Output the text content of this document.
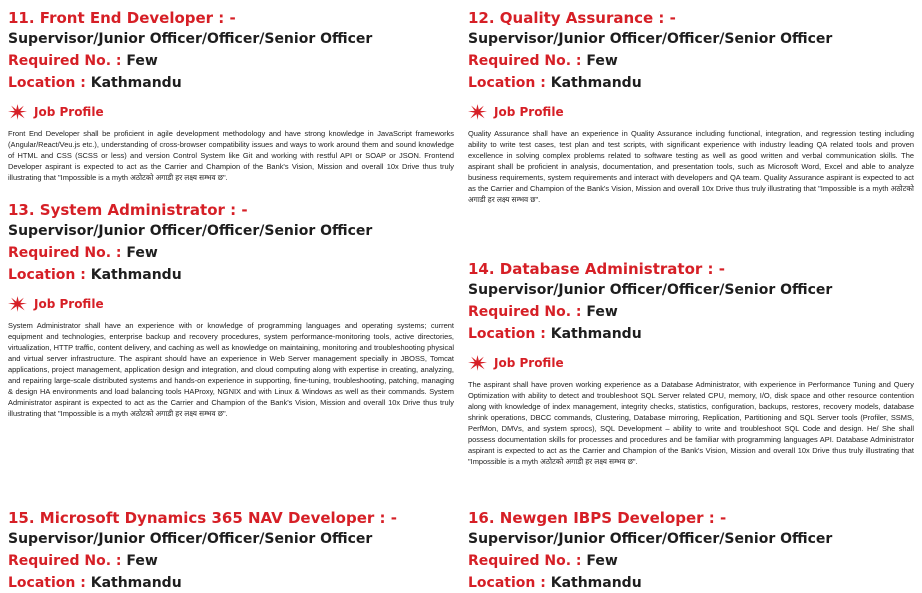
11. Front End Developer : -
Supervisor/Junior Officer/Officer/Senior Officer
Required No. : Few
Location : Kathmandu
Job Profile
Front End Developer shall be proficient in agile development methodology and have strong knowledge in JavaScript frameworks (Angular/React/Veu.js etc.), understanding of cross-browser compatibility issues and ways to work around them and sound knowledge of HTML and CSS (SCSS or less) and version Control System like Git and working with restful API or SOAP or JSON. Frontend Developer aspirant is expected to act as the Carrier and Champion of the Bank's Vision, Mission and overall 10x Drive thus truly illustrating that "Impossible is a myth अठोटको अगाडी हर लक्ष्य सम्भव छ".
12. Quality Assurance : -
Supervisor/Junior Officer/Officer/Senior Officer
Required No. : Few
Location : Kathmandu
Job Profile
Quality Assurance shall have an experience in Quality Assurance including functional, integration, and regression testing including ability to write test cases, test plan and test scripts, with significant experience with industry leading QA related tools and proven excellence in solving complex problems related to software testing as well as good written and verbal communication skills. The aspirant shall be proficient in analysis, documentation, and presentation tools, such as Microsoft Word, Excel and able to analyze business requirements, system requirements and interact with developers and QA team. Quality Assurance aspirant is expected to act as the Carrier and Champion of the Bank's Vision, Mission and overall 10x Drive thus truly illustrating that "Impossible is a myth अठोटको अगाडी हर लक्ष्य सम्भव छ".
13. System Administrator : -
Supervisor/Junior Officer/Officer/Senior Officer
Required No. : Few
Location : Kathmandu
Job Profile
System Administrator shall have an experience with or knowledge of programming languages and operating systems; current equipment and technologies, enterprise backup and recovery procedures, system performance-monitoring tools, active directories, virtualization, HTTP traffic, content delivery, and caching as well as knowledge on maintaining, monitoring and troubleshooting physical and virtual server infrastructure. The aspirant should have an experience in Web Server management specially in JBOSS, Tomcat applications, project management, application design and integration, and cloud computing along with expertise in creating, analyzing, and repairing large-scale distributed systems and hands-on experience in supporting, fine-tuning, troubleshooting, patching, managing & design HA environments and load balancing tools HAProxy, NGNIX and with Linux & Windows as well as their commands. System Administrator aspirant is expected to act as the Carrier and Champion of the Bank's Vision, Mission and overall 10x Drive thus truly illustrating that "Impossible is a myth अठोटको अगाडी हर लक्ष्य सम्भव छ".
14. Database Administrator : -
Supervisor/Junior Officer/Officer/Senior Officer
Required No. : Few
Location : Kathmandu
Job Profile
The aspirant shall have proven working experience as a Database Administrator, with experience in Performance Tuning and Query Optimization with ability to detect and troubleshoot SQL Server related CPU, memory, I/O, disk space and other resource contention along with knowledge of index management, integrity checks, statistics, configuration, backups, restores, recovery models, database shrink operations, DBCC commands, Clustering, Database mirroring, Replication, Partitioning and SQL Server tools (Profiler, SSMS, PerfMon, DMVs, and system sprocs), SQL Development – ability to write and troubleshoot SQL Code and design. He/ She shall possess documentation skills for processes and procedures and be familiar with programming languages API. Database Administrator aspirant is expected to act as the Carrier and Champion of the Bank's Vision, Mission and overall 10x Drive thus truly illustrating that "Impossible is a myth अठोटको अगाडी हर लक्ष्य सम्भव छ".
15. Microsoft Dynamics 365 NAV Developer : -
Supervisor/Junior Officer/Officer/Senior Officer
Required No. : Few
Location : Kathmandu
16. Newgen IBPS Developer : -
Supervisor/Junior Officer/Officer/Senior Officer
Required No. : Few
Location : Kathmandu
